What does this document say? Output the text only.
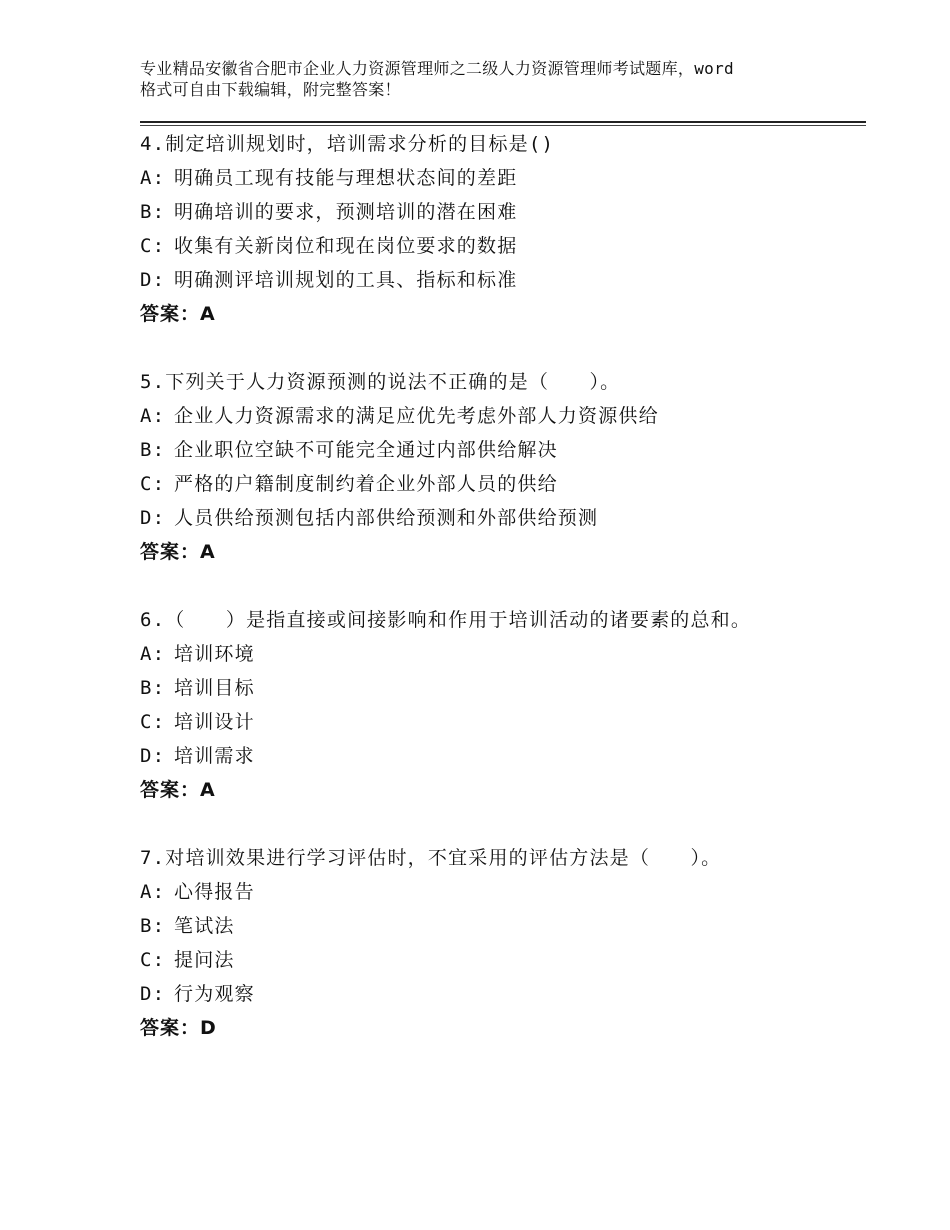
专业精品安徽省合肥市企业人力资源管理师之二级人力资源管理师考试题库，word
格式可自由下载编辑，附完整答案！
4.制定培训规划时，培训需求分析的目标是()
A: 明确员工现有技能与理想状态间的差距
B: 明确培训的要求，预测培训的潜在困难
C: 收集有关新岗位和现在岗位要求的数据
D: 明确测评培训规划的工具、指标和标准
答案：A
5.下列关于人力资源预测的说法不正确的是（　　）。
A: 企业人力资源需求的满足应优先考虑外部人力资源供给
B: 企业职位空缺不可能完全通过内部供给解决
C: 严格的户籍制度制约着企业外部人员的供给
D: 人员供给预测包括内部供给预测和外部供给预测
答案：A
6.（　　）是指直接或间接影响和作用于培训活动的诸要素的总和。
A: 培训环境
B: 培训目标
C: 培训设计
D: 培训需求
答案：A
7.对培训效果进行学习评估时，不宜采用的评估方法是（　　）。
A: 心得报告
B: 笔试法
C: 提问法
D: 行为观察
答案：D
